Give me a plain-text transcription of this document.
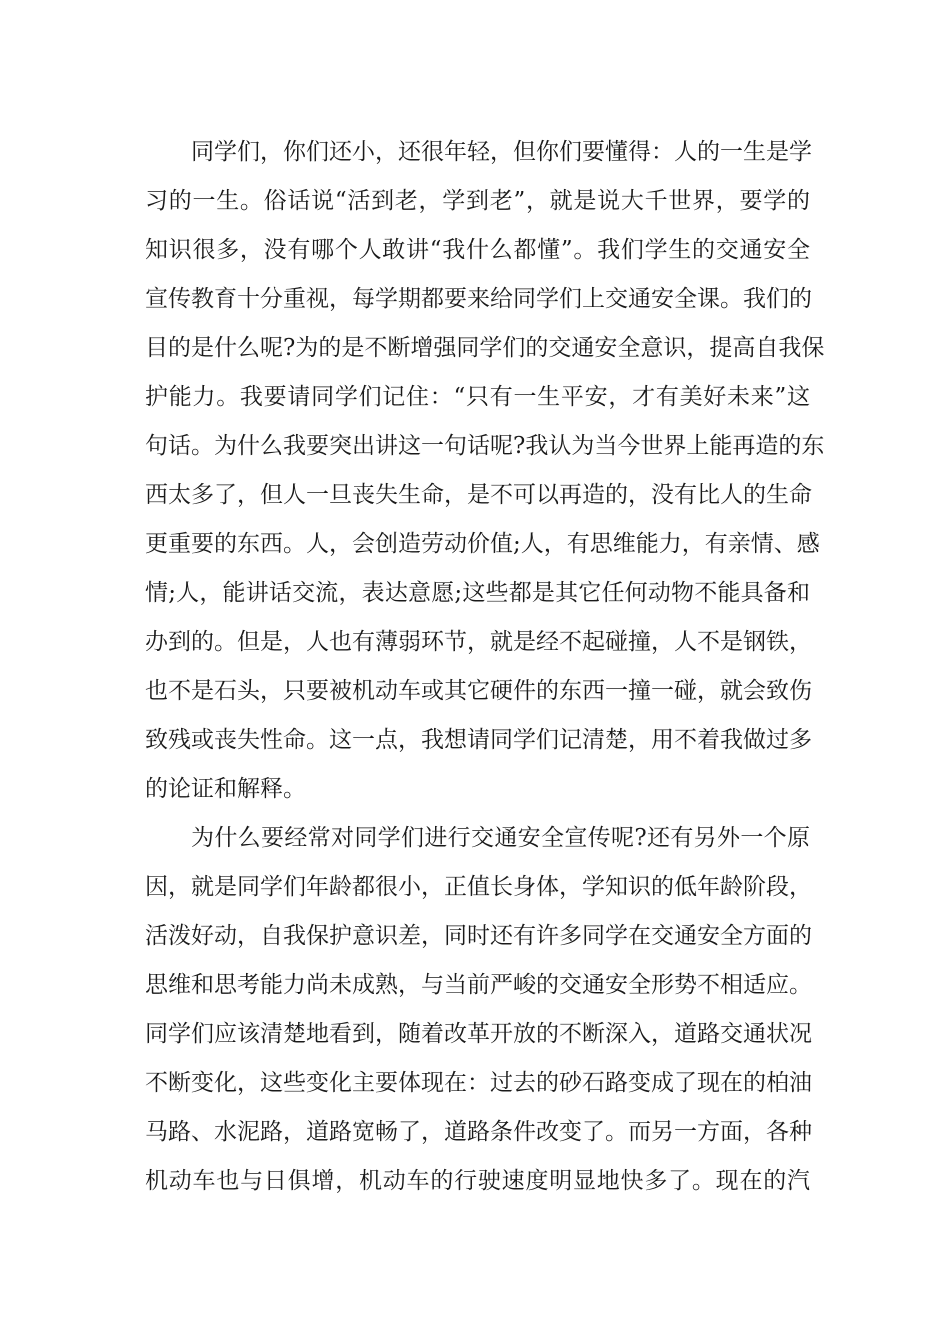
同学们，你们还小，还很年轻，但你们要懂得：人的一生是学
习的一生。俗话说“活到老，学到老”，就是说大千世界，要学的
知识很多，没有哪个人敢讲“我什么都懂”。我们学生的交通安全
宣传教育十分重视，每学期都要来给同学们上交通安全课。我们的
目的是什么呢?为的是不断增强同学们的交通安全意识，提高自我保
护能力。我要请同学们记住：“只有一生平安，才有美好未来”这
句话。为什么我要突出讲这一句话呢?我认为当今世界上能再造的东
西太多了，但人一旦丧失生命，是不可以再造的，没有比人的生命
更重要的东西。人，会创造劳动价值;人，有思维能力，有亲情、感
情;人，能讲话交流，表达意愿;这些都是其它任何动物不能具备和
办到的。但是，人也有薄弱环节，就是经不起碰撞，人不是钢铁，
也不是石头，只要被机动车或其它硬件的东西一撞一碰，就会致伤
致残或丧失性命。这一点，我想请同学们记清楚，用不着我做过多
的论证和解释。
为什么要经常对同学们进行交通安全宣传呢?还有另外一个原
因，就是同学们年龄都很小，正值长身体，学知识的低年龄阶段，
活泼好动，自我保护意识差，同时还有许多同学在交通安全方面的
思维和思考能力尚未成熟，与当前严峻的交通安全形势不相适应。
同学们应该清楚地看到，随着改革开放的不断深入，道路交通状况
不断变化，这些变化主要体现在：过去的砂石路变成了现在的柏油
马路、水泥路，道路宽畅了，道路条件改变了。而另一方面，各种
机动车也与日俱增，机动车的行驶速度明显地快多了。现在的汽
